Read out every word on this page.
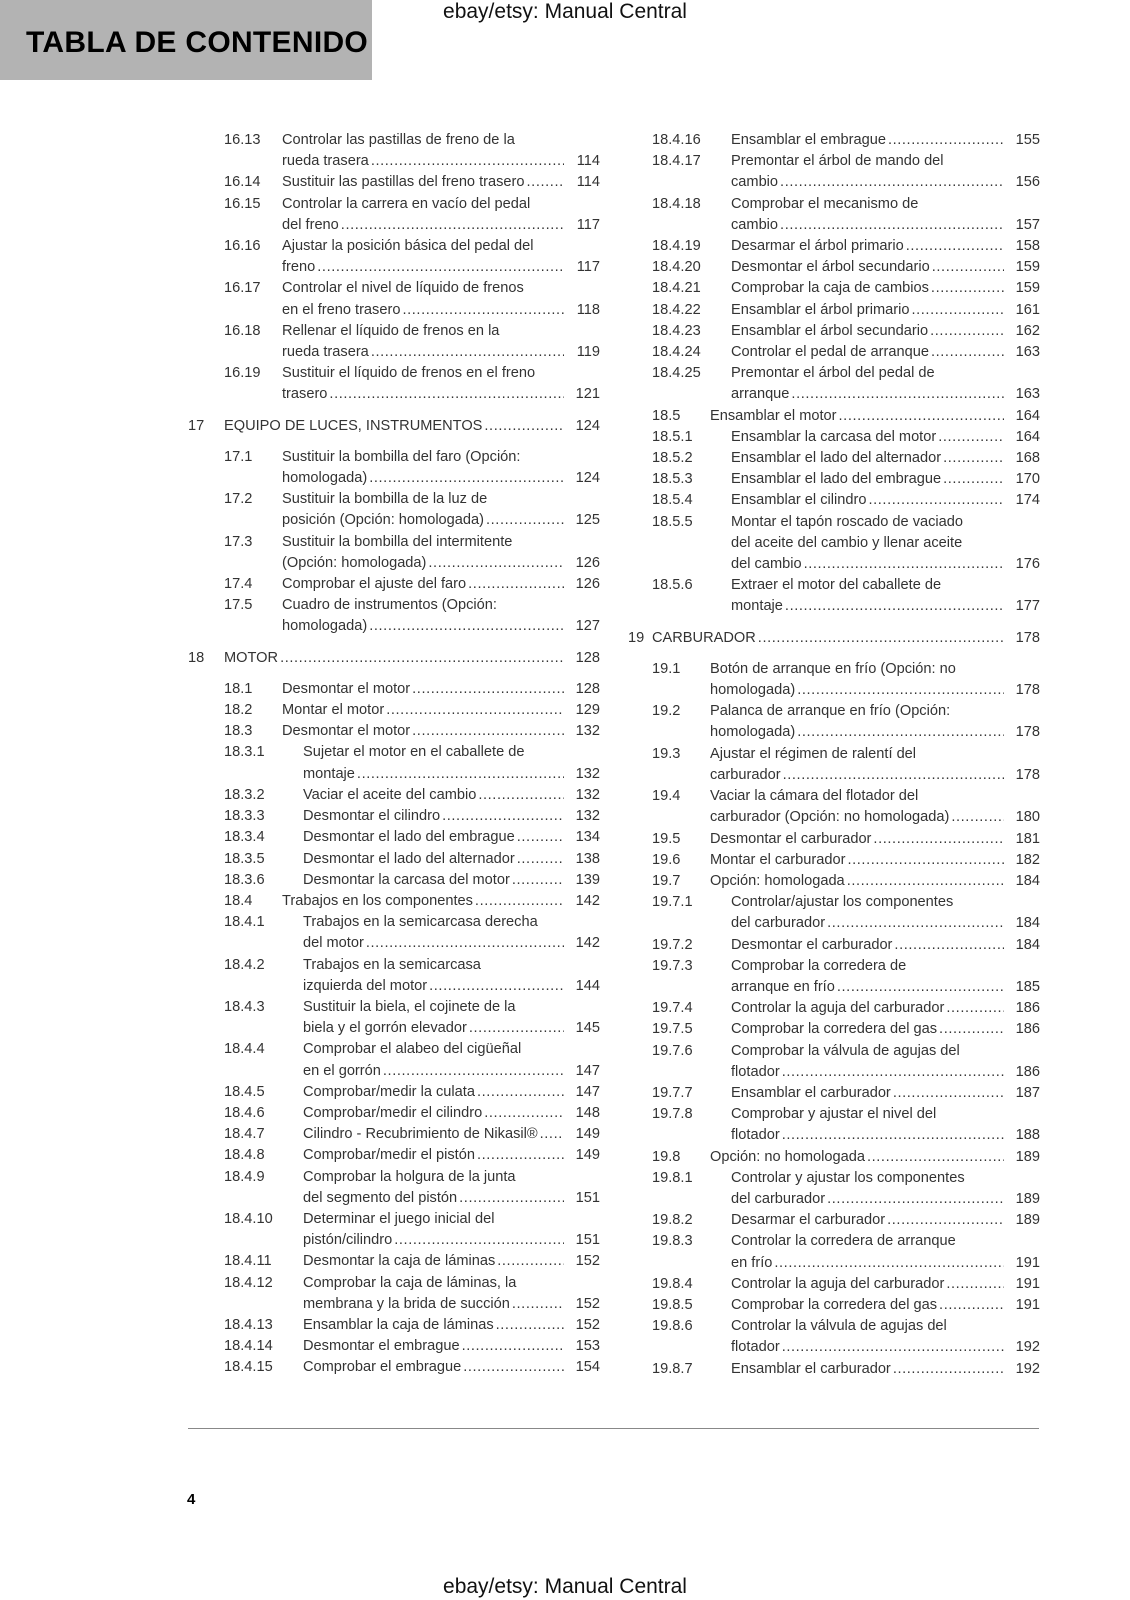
TABLA DE CONTENIDO
ebay/etsy: Manual Central
16.13 Controlar las pastillas de freno de la
rueda trasera .....	114
16.14 Sustituir las pastillas del freno trasero .....	114
16.15 Controlar la carrera en vacío del pedal
del freno .....	117
16.16 Ajustar la posición básica del pedal del
freno .....	117
16.17 Controlar el nivel de líquido de frenos
en el freno trasero .....	118
16.18 Rellenar el líquido de frenos en la
rueda trasera .....	119
16.19 Sustituir el líquido de frenos en el freno
trasero .....	121
17 EQUIPO DE LUCES, INSTRUMENTOS .....	124
17.1 Sustituir la bombilla del faro (Opción:
homologada) .....	124
17.2 Sustituir la bombilla de la luz de
posición (Opción: homologada) .....	125
17.3 Sustituir la bombilla del intermitente
(Opción: homologada) .....	126
17.4 Comprobar el ajuste del faro .....	126
17.5 Cuadro de instrumentos (Opción:
homologada) .....	127
18 MOTOR .....	128
18.1 Desmontar el motor .....	128
18.2 Montar el motor .....	129
18.3 Desmontar el motor .....	132
18.3.1	Sujetar el motor en el caballete de
montaje .....	132
18.3.2	Vaciar el aceite del cambio .....	132
18.3.3	Desmontar el cilindro .....	132
18.3.4	Desmontar el lado del embrague .....	134
18.3.5	Desmontar el lado del alternador .....	138
18.3.6	Desmontar la carcasa del motor .....	139
18.4 Trabajos en los componentes .....	142
18.4.1	Trabajos en la semicarcasa derecha
del motor .....	142
18.4.2	Trabajos en la semicarcasa
izquierda del motor .....	144
18.4.3	Sustituir la biela, el cojinete de la
biela y el gorrón elevador .....	145
18.4.4	Comprobar el alabeo del cigüeñal
en el gorrón .....	147
18.4.5	Comprobar/medir la culata .....	147
18.4.6	Comprobar/medir el cilindro .....	148
18.4.7	Cilindro - Recubrimiento de Nikasil® .....	149
18.4.8	Comprobar/medir el pistón .....	149
18.4.9	Comprobar la holgura de la junta
del segmento del pistón .....	151
18.4.10 Determinar el juego inicial del
pistón/cilindro .....	151
18.4.11 Desmontar la caja de láminas .....	152
18.4.12 Comprobar la caja de láminas, la
membrana y la brida de succión .....	152
18.4.13 Ensamblar la caja de láminas .....	152
18.4.14 Desmontar el embrague .....	153
18.4.15 Comprobar el embrague .....	154
18.4.16 Ensamblar el embrague .....	155
18.4.17 Premontar el árbol de mando del
cambio .....	156
18.4.18 Comprobar el mecanismo de
cambio .....	157
18.4.19 Desarmar el árbol primario .....	158
18.4.20 Desmontar el árbol secundario .....	159
18.4.21 Comprobar la caja de cambios .....	159
18.4.22 Ensamblar el árbol primario .....	161
18.4.23 Ensamblar el árbol secundario .....	162
18.4.24 Controlar el pedal de arranque .....	163
18.4.25 Premontar el árbol del pedal de
arranque .....	163
18.5 Ensamblar el motor .....	164
18.5.1	Ensamblar la carcasa del motor .....	164
18.5.2	Ensamblar el lado del alternador .....	168
18.5.3	Ensamblar el lado del embrague .....	170
18.5.4	Ensamblar el cilindro .....	174
18.5.5	Montar el tapón roscado de vaciado
del aceite del cambio y llenar aceite
del cambio .....	176
18.5.6	Extraer el motor del caballete de
montaje .....	177
19 CARBURADOR .....	178
19.1 Botón de arranque en frío (Opción: no
homologada) .....	178
19.2 Palanca de arranque en frío (Opción:
homologada) .....	178
19.3 Ajustar el régimen de ralentí del
carburador .....	178
19.4 Vaciar la cámara del flotador del
carburador (Opción: no homologada) .....	180
19.5 Desmontar el carburador .....	181
19.6 Montar el carburador .....	182
19.7 Opción: homologada .....	184
19.7.1	Controlar/ajustar los componentes
del carburador .....	184
19.7.2	Desmontar el carburador .....	184
19.7.3	Comprobar la corredera de
arranque en frío .....	185
19.7.4	Controlar la aguja del carburador .....	186
19.7.5	Comprobar la corredera del gas .....	186
19.7.6	Comprobar la válvula de agujas del
flotador .....	186
19.7.7	Ensamblar el carburador .....	187
19.7.8	Comprobar y ajustar el nivel del
flotador .....	188
19.8 Opción: no homologada .....	189
19.8.1	Controlar y ajustar los componentes
del carburador .....	189
19.8.2	Desarmar el carburador .....	189
19.8.3	Controlar la corredera de arranque
en frío .....	191
19.8.4	Controlar la aguja del carburador .....	191
19.8.5	Comprobar la corredera del gas .....	191
19.8.6	Controlar la válvula de agujas del
flotador .....	192
19.8.7	Ensamblar el carburador .....	192
4
ebay/etsy: Manual Central
